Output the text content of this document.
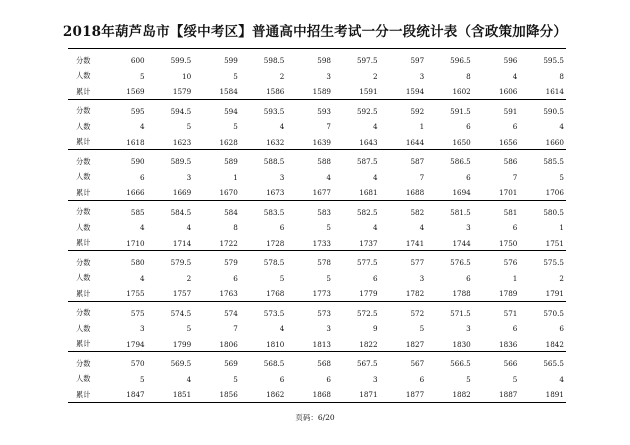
2018年葫芦岛市【绥中考区】普通高中招生考试一分一段统计表（含政策加降分）
分数	600	599.5	599	598.5	598	597.5	597	596.5	596	595.5
人数	5	10	5	2	3	2	3	8	4	8
累计	1569	1579	1584	1586	1589	1591	1594	1602	1606	1614
分数	595	594.5	594	593.5	593	592.5	592	591.5	591	590.5
人数	4	5	5	4	7	4	1	6	6	4
累计	1618	1623	1628	1632	1639	1643	1644	1650	1656	1660
分数	590	589.5	589	588.5	588	587.5	587	586.5	586	585.5
人数	6	3	1	3	4	4	7	6	7	5
累计	1666	1669	1670	1673	1677	1681	1688	1694	1701	1706
分数	585	584.5	584	583.5	583	582.5	582	581.5	581	580.5
人数	4	4	8	6	5	4	4	3	6	1
累计	1710	1714	1722	1728	1733	1737	1741	1744	1750	1751
分数	580	579.5	579	578.5	578	577.5	577	576.5	576	575.5
人数	4	2	6	5	5	6	3	6	1	2
累计	1755	1757	1763	1768	1773	1779	1782	1788	1789	1791
分数	575	574.5	574	573.5	573	572.5	572	571.5	571	570.5
人数	3	5	7	4	3	9	5	3	6	6
累计	1794	1799	1806	1810	1813	1822	1827	1830	1836	1842
分数	570	569.5	569	568.5	568	567.5	567	566.5	566	565.5
人数	5	4	5	6	6	3	6	5	5	4
累计	1847	1851	1856	1862	1868	1871	1877	1882	1887	1891
页码：6/20
